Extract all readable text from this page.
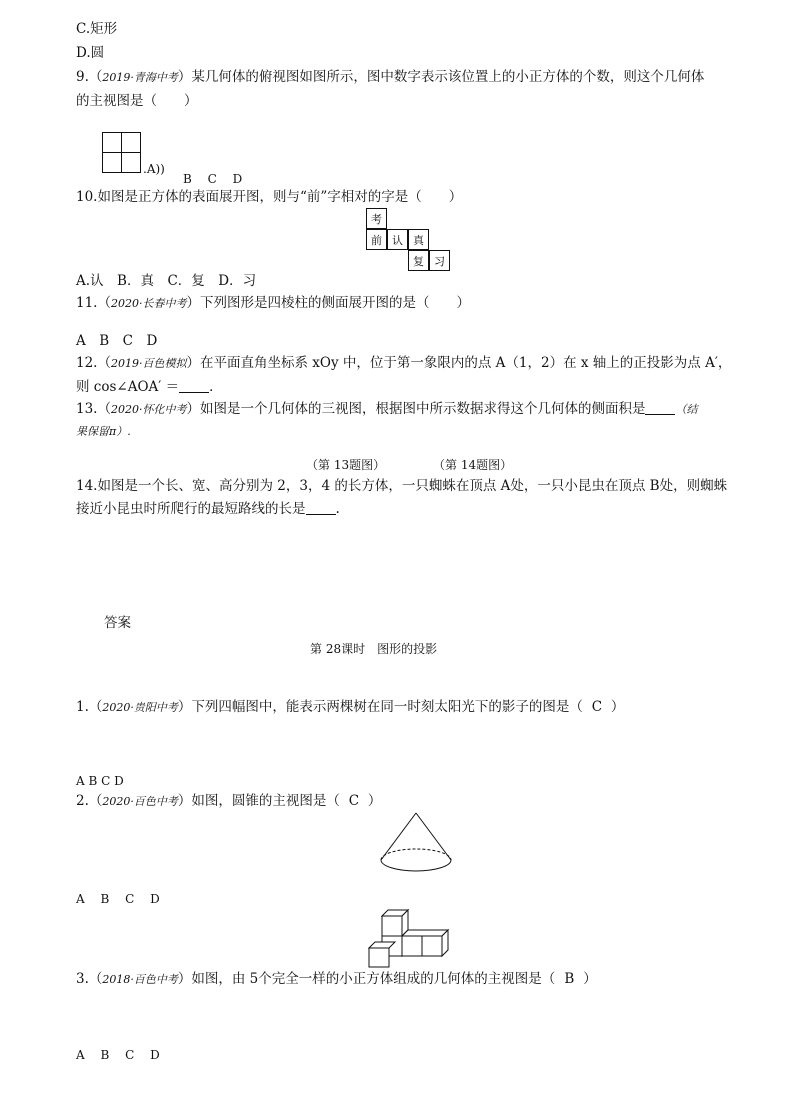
C.矩形
D.圆
9.（2019·青海中考）某几何体的俯视图如图所示，图中数字表示该位置上的小正方体的个数，则这个几何体
的主视图是（　　）
.A))
B　 C　 D
10.如图是正方体的表面展开图，则与“前”字相对的字是（　　）
考
前 认 真
复 习
A.认　B．真　C．复　D．习
11.（2020·长春中考）下列图形是四棱柱的侧面展开图的是（　　）
A　B　C　D
12.（2019·百色模拟）在平面直角坐标系 xOy 中，位于第一象限内的点 A（1，2）在 x 轴上的正投影为点 A′，
则 cos∠AOA′ ＝ ．
13.（2020·怀化中考）如图是一个几何体的三视图，根据图中所示数据求得这个几何体的侧面积是	（结
果保留π）.
（第 13题图）	（第 14题图）
14.如图是一个长、宽、高分别为 2，3，4 的长方体，一只蜘蛛在顶点 A处，一只小昆虫在顶点 B处，则蜘蛛
接近小昆虫时所爬行的最短路线的长是 .
答案
第 28课时　图形的投影
1.（2020·贵阳中考）下列四幅图中，能表示两棵树在同一时刻太阳光下的影子的图是（ C ）
A B C D
2.（2020·百色中考）如图，圆锥的主视图是（ C ）
A　 B　 C　 D
3.（2018·百色中考）如图，由 5个完全一样的小正方体组成的几何体的主视图是（ B ）
A　 B　 C　 D
